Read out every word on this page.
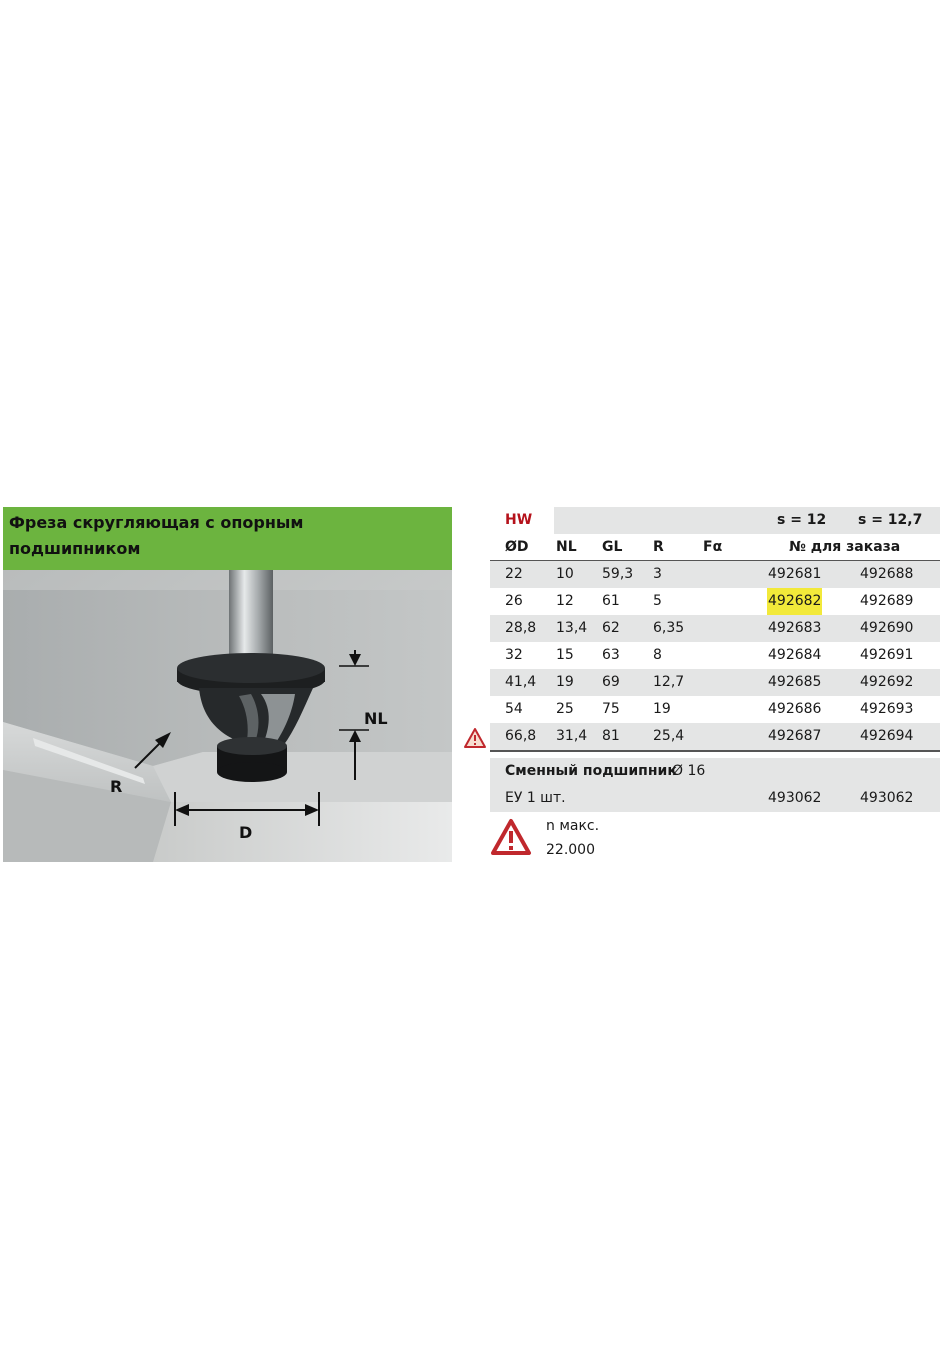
Фреза скругляющая с опорным
подшипником
NL
R
D
HW	s = 12 s = 12,7
ØD NL GL R	Fα	№ для заказа
22 10 59,3 3	492681	492688
26 12 61 5	492682	492689
28,8 13,4 62 6,35	492683	492690
32 15 63 8	492684	492691
41,4 19 69 12,7	492685	492692
54 25 75 19	492686	492693
66,8 31,4 81 25,4	492687	492694
Сменный подшипник
Ø 16
ЕУ 1 шт.	493062	493062
n макс.
22.000
